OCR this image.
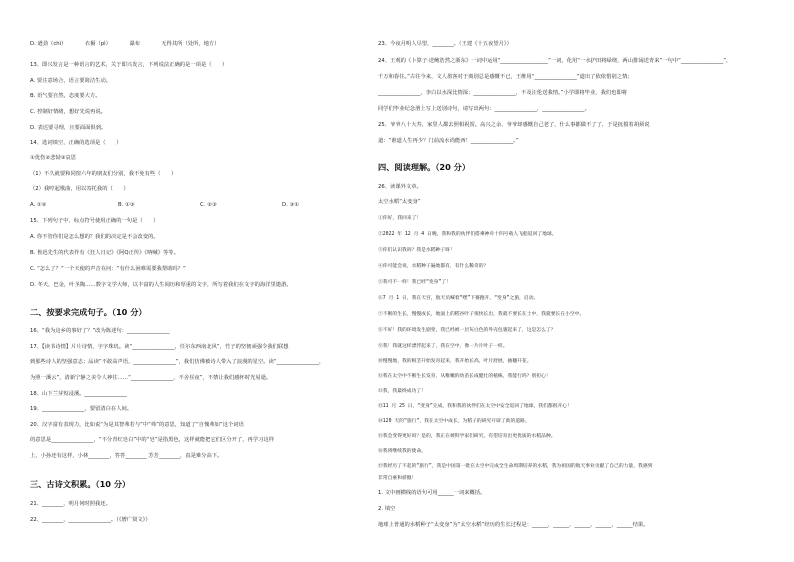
D. 遒劲（chì）　　　　衣橱（pì）　　　　瀑布　　　　无得其所（处所，地方）
13、即兴发言是一种语言的艺术，关于即兴发言，下列说法正确的是一项是（　　）
A. 要注意场合，语言要简洁生动。
B. 语气要自然，态度要大方。
C. 控制好情绪，想好先说再说。
D. 表达要寻理，且要面面俱到。
14、选词填空，正确的选项是（　　）
①优伤②悲恸③哀思
（1）不久就要和同窗六年的朋友们分别，我不免有些（　　）
（2）我哼起歌曲，用以寄托我的（　　）
A. ①②	B. ①③	C. ②③	D. ③①
15、下列句子中，标点符号使用正确的一句是（　　）
A. 你不管你们是怎么想的？我们的决定是不会改变的。
B. 鲁迅先生的代表作有《狂人日记》《阿Q正传》《呐喊》等等。
C. “怎么了？”一个天使的声音在问：“有什么困难需要我帮助吗？”
D. 冬天，巴金，叶圣陶……数字文学大师，以丰富的人生阅历和厚重的文字，所写着我们在文字的海洋里遨游。
二、按要求完成句子。（10 分）
16、“我为这乡的事好了？”改为陈述句：________________
17、【读书诗情】片片诗情，字字珠玑。读“________________，任尔东西南北风”，竹子的坚韧顽强令我们联想
到那些诗人的坚强意志；品读“不敢高声语，________________”，我们仿佛被诗人带入了浪漫的星空。读“________________，
为照一溪云”，清新宁静之美令人神往……“________________，不舍昼夜”，不禁让我们感怀时光易逝。
18、山下兰芽短浸溪。________________
19、________________，要留清白在人间。
20、汉字富有表现力，比如说“为是其智弗若与”中“弗”的意思，知道了“自愧弗如”这个词语
的意思是________________，“不分青红皂白”中的“皂”是指黑色，这样就能把它们区分开了，再学习这样
上，小孙还有这样，小林________，答答________ 芳芳________，真是难分高下。
三、古诗文积累。（10 分）
21、________，明月何时照我还。
22、________，________________。（《增广贤文》）
23、今夜月明人尽望，________。（王建《十五夜望月》）
24、王观的《卜算子·送鲍浩然之浙东》一词中运用“__________________”一词，化用“一水护田将绿绕，两山排闼送青来”一句中“________________”，
千万和春住。”古往今来，文人墨客对于离别总是感慨不已，王维用“________________”道出了依依惜别之情；
________________，李白以水深比情深；________________，不及汪伦送我情。”小学即将毕业，我们也即将
同学们毕业纪念册上写上送别诗句，请写出两句：________________，________________。
25、爷爷八十大寿，家里人都去照相祝贺。高兴之余，爷爷却感慨自己老了，什么事都做不了了，于是抚摸着胡须说
道：“谁道人生再少？门前流水尚能西！________________。”
四、阅读理解。（20 分）
26、读课外文章。
太空水稻“太变身”
①你好，我回来了！
②2022 年 12 月 4 日晚，我和我的伙伴们搭乘神舟十四号载人飞船返回了地球。
③你们认识我吗？我是水稻种子呀！
④你可能会说，水稻种子遍地都有，有什么稀奇的？
⑤我可不一样！我已经“变身”了！
⑥7 月 1 日，我在天宫，航天员喊着“嘿”下赛跑开，“变身”之旅，启动。
⑦不断的生长，慢慢成长，地面上的稻谷叶子很快长出，我就不要长在土中，我就要长在小空中。
⑧不好！我的环境发生剧变，我已经被一层灰白色的外壳包裹起来了，这是怎么了？
⑨我！我就这样漂浮起来了，我在空中，像一片片叶子一样。
⑩慢慢地，我的根茎开始发育起来，我开始长高，叶片舒展，抽穗开花。
⑪我在太空中不断生长发育，从稚嫩的幼苗长成健壮的植株，我能行吗？别担心！
⑫我，我最终成功了！
⑬11 月 25 日，“变身”完成，我和我的伙伴们在太空中安全返回了地球，我们都很开心！
⑭120 天的“旅行”，我在太空中成长，为稻子的研究开辟了新的道路。
⑮我会变得更好吗？是的，我正在被科学家们研究，有望培育出更优质的水稻品种。
⑯我将继续我的使命。
⑰我经历了不起的“旅行”，我是中国第一批在太空中完成全生命周期培养的水稻，我为祖国的航天事业贡献了自己的力量，我感到
非常自豪和骄傲！
1. 文中画横线的语句可用______一词来概括。
2. 填空
地球上普通的水稻种子“太变身”为“太空水稻”经历的生长过程是：______，______，______，______，______结果。
